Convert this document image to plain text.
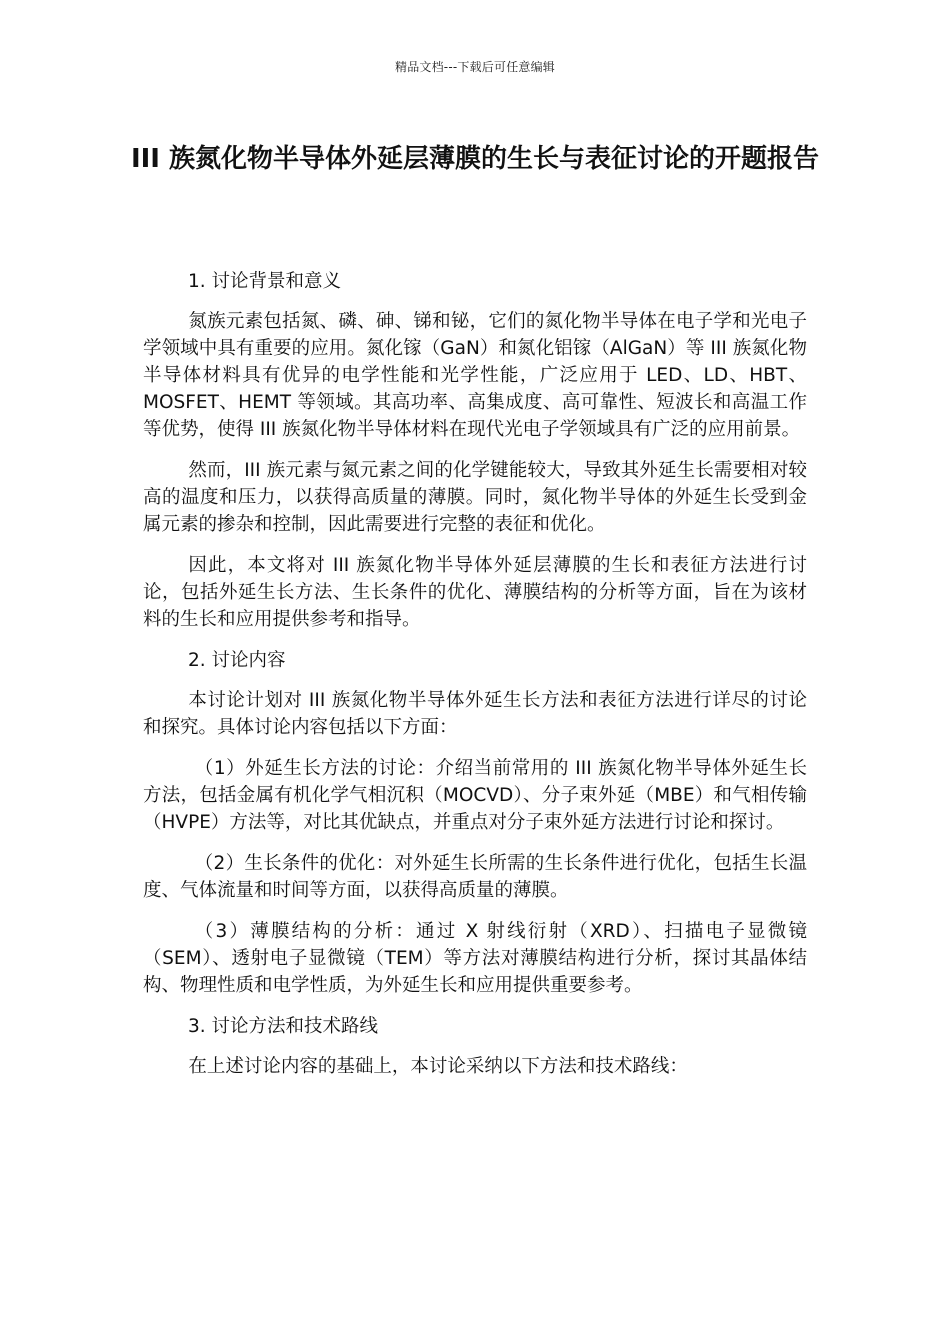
精品文档---下载后可任意编辑
III 族氮化物半导体外延层薄膜的生长与表征讨论的开题报告

1. 讨论背景和意义

氮族元素包括氮、磷、砷、锑和铋，它们的氮化物半导体在电子学和光电子学领域中具有重要的应用。氮化镓（GaN）和氮化铝镓（AlGaN）等 III 族氮化物半导体材料具有优异的电学性能和光学性能，广泛应用于 LED、LD、HBT、MOSFET、HEMT 等领域。其高功率、高集成度、高可靠性、短波长和高温工作等优势，使得 III 族氮化物半导体材料在现代光电子学领域具有广泛的应用前景。

然而，III 族元素与氮元素之间的化学键能较大，导致其外延生长需要相对较高的温度和压力，以获得高质量的薄膜。同时，氮化物半导体的外延生长受到金属元素的掺杂和控制，因此需要进行完整的表征和优化。

因此，本文将对 III 族氮化物半导体外延层薄膜的生长和表征方法进行讨论，包括外延生长方法、生长条件的优化、薄膜结构的分析等方面，旨在为该材料的生长和应用提供参考和指导。

2. 讨论内容

本讨论计划对 III 族氮化物半导体外延生长方法和表征方法进行详尽的讨论和探究。具体讨论内容包括以下方面：

（1）外延生长方法的讨论：介绍当前常用的 III 族氮化物半导体外延生长方法，包括金属有机化学气相沉积（MOCVD）、分子束外延（MBE）和气相传输（HVPE）方法等，对比其优缺点，并重点对分子束外延方法进行讨论和探讨。

（2）生长条件的优化：对外延生长所需的生长条件进行优化，包括生长温度、气体流量和时间等方面，以获得高质量的薄膜。

（3）薄膜结构的分析：通过 X 射线衍射（XRD）、扫描电子显微镜（SEM）、透射电子显微镜（TEM）等方法对薄膜结构进行分析，探讨其晶体结构、物理性质和电学性质，为外延生长和应用提供重要参考。

3. 讨论方法和技术路线

在上述讨论内容的基础上，本讨论采纳以下方法和技术路线：
